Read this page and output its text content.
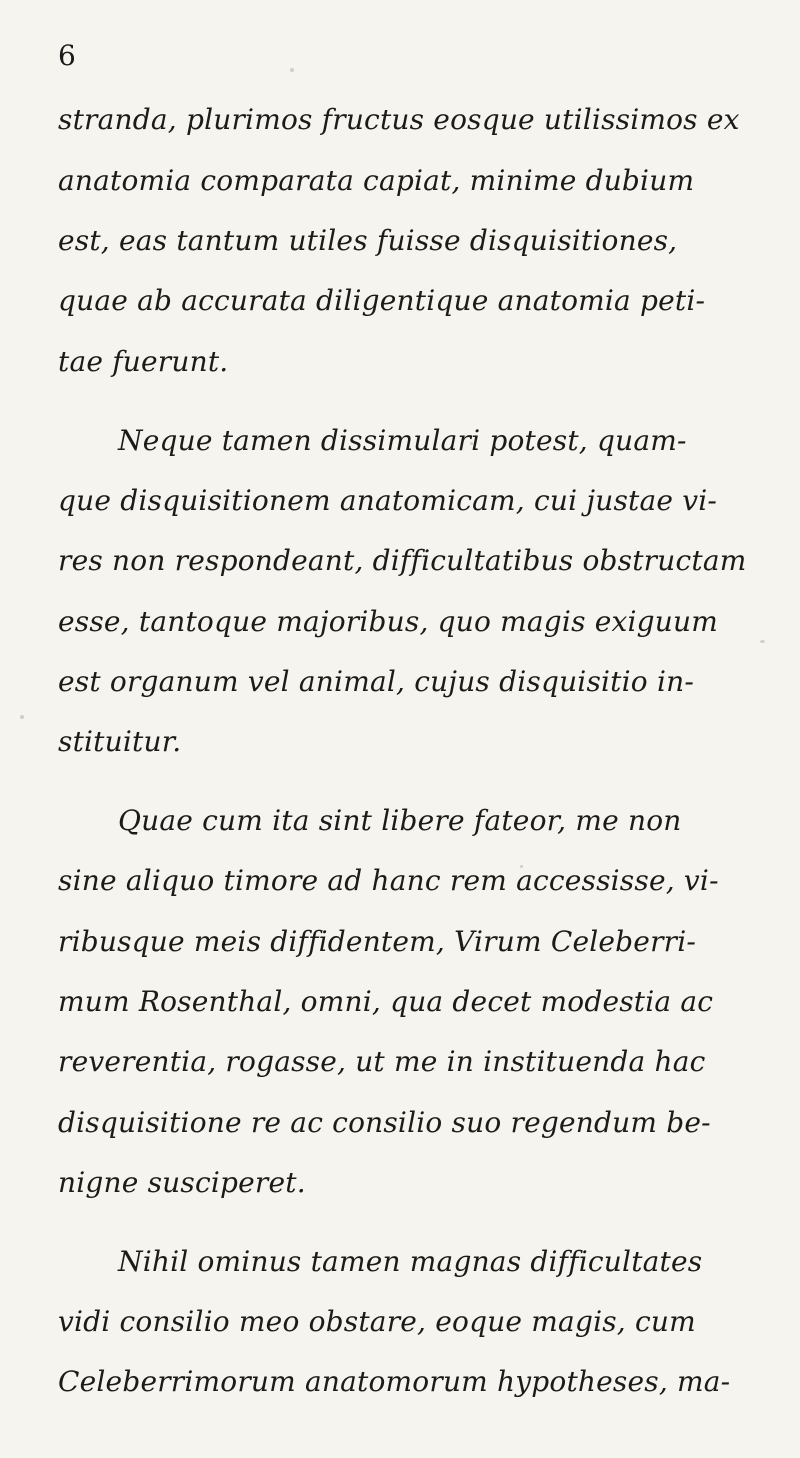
6
stranda, plurimos fructus eosque utilissimos ex
anatomia comparata capiat, minime dubium
est, eas tantum utiles fuisse disquisitiones,
quae ab accurata diligentique anatomia peti-
tae fuerunt.
Neque tamen dissimulari potest, quam-
que disquisitionem anatomicam, cui justae vi-
res non respondeant, difficultatibus obstructam
esse, tantoque majoribus, quo magis exiguum
est organum vel animal, cujus disquisitio in-
stituitur.
Quae cum ita sint libere fateor, me non
sine aliquo timore ad hanc rem accessisse, vi-
ribusque meis diffidentem, Virum Celeberri-
mum Rosenthal, omni, qua decet modestia ac
reverentia, rogasse, ut me in instituenda hac
disquisitione re ac consilio suo regendum be-
nigne susciperet.
Nihil ominus tamen magnas difficultates
vidi consilio meo obstare, eoque magis, cum
Celeberrimorum anatomorum hypotheses, ma-
